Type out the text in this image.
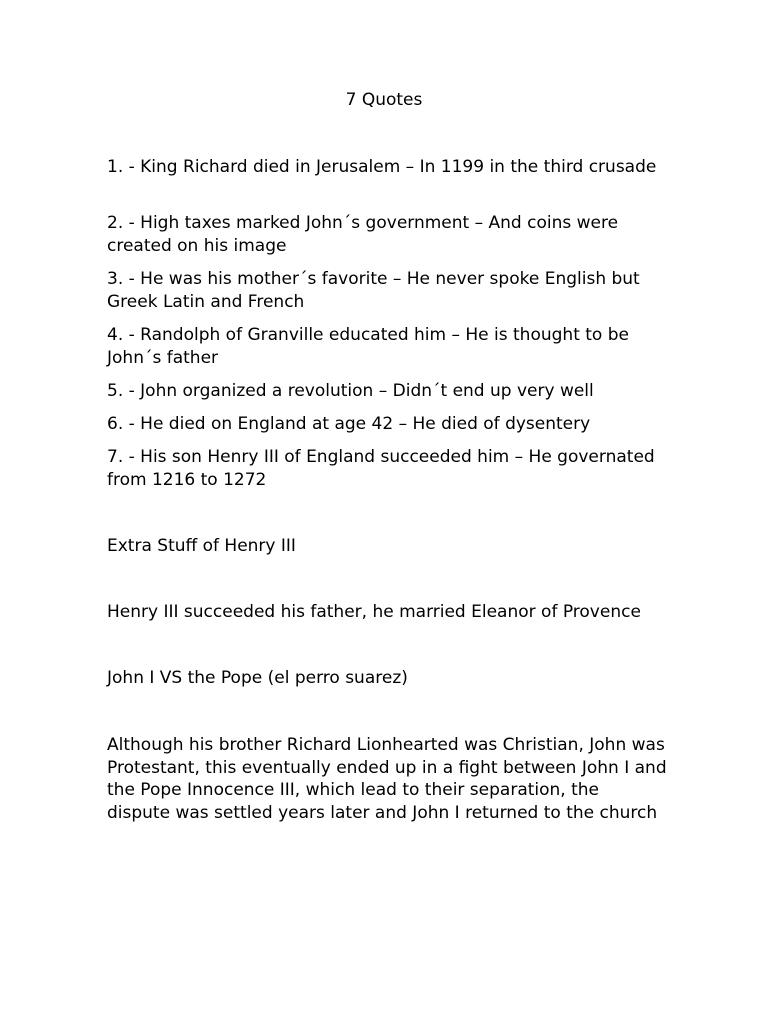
7 Quotes

1. - King Richard died in Jerusalem – In 1199 in the third crusade

2. - High taxes marked John´s government – And coins were created on his image

3. - He was his mother´s favorite – He never spoke English but Greek Latin and French

4. - Randolph of Granville educated him – He is thought to be John´s father

5. - John organized a revolution – Didn´t end up very well

6. - He died on England at age 42 – He died of dysentery

7. - His son Henry III of England succeeded him – He governated from 1216 to 1272

Extra Stuff of Henry III

Henry III succeeded his father, he married Eleanor of Provence

John I VS the Pope (el perro suarez)

Although his brother Richard Lionhearted was Christian, John was Protestant, this eventually ended up in a fight between John I and the Pope Innocence III, which lead to their separation, the dispute was settled years later and John I returned to the church
